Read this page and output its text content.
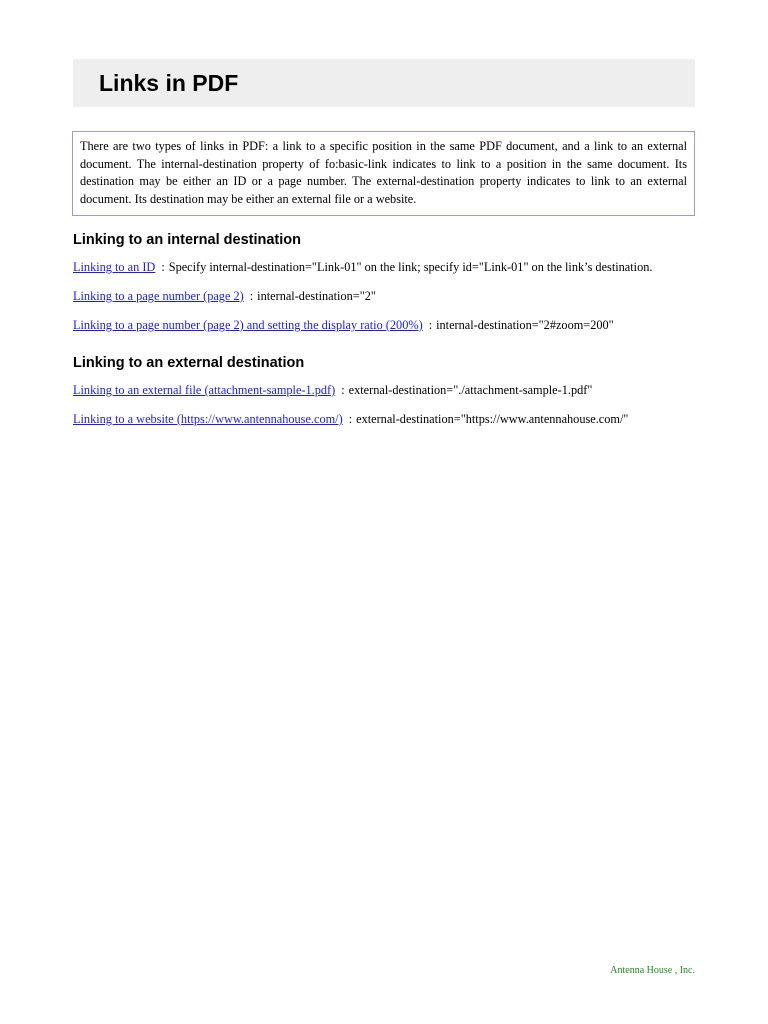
Links in PDF
There are two types of links in PDF: a link to a specific position in the same PDF document, and a link to an external document. The internal-destination property of fo:basic-link indicates to link to a position in the same document. Its destination may be either an ID or a page number. The external-destination property indicates to link to an external document. Its destination may be either an external file or a website.
Linking to an internal destination

Linking to an ID : Specify internal-destination="Link-01" on the link; specify id="Link-01" on the link’s destination.

Linking to a page number (page 2) : internal-destination="2"

Linking to a page number (page 2) and setting the display ratio (200%) : internal-destination="2#zoom=200"

Linking to an external destination

Linking to an external file (attachment-sample-1.pdf) : external-destination="./attachment-sample-1.pdf"

Linking to a website (https://www.antennahouse.com/) : external-destination="https://www.antennahouse.com/"

Antenna House , Inc.
